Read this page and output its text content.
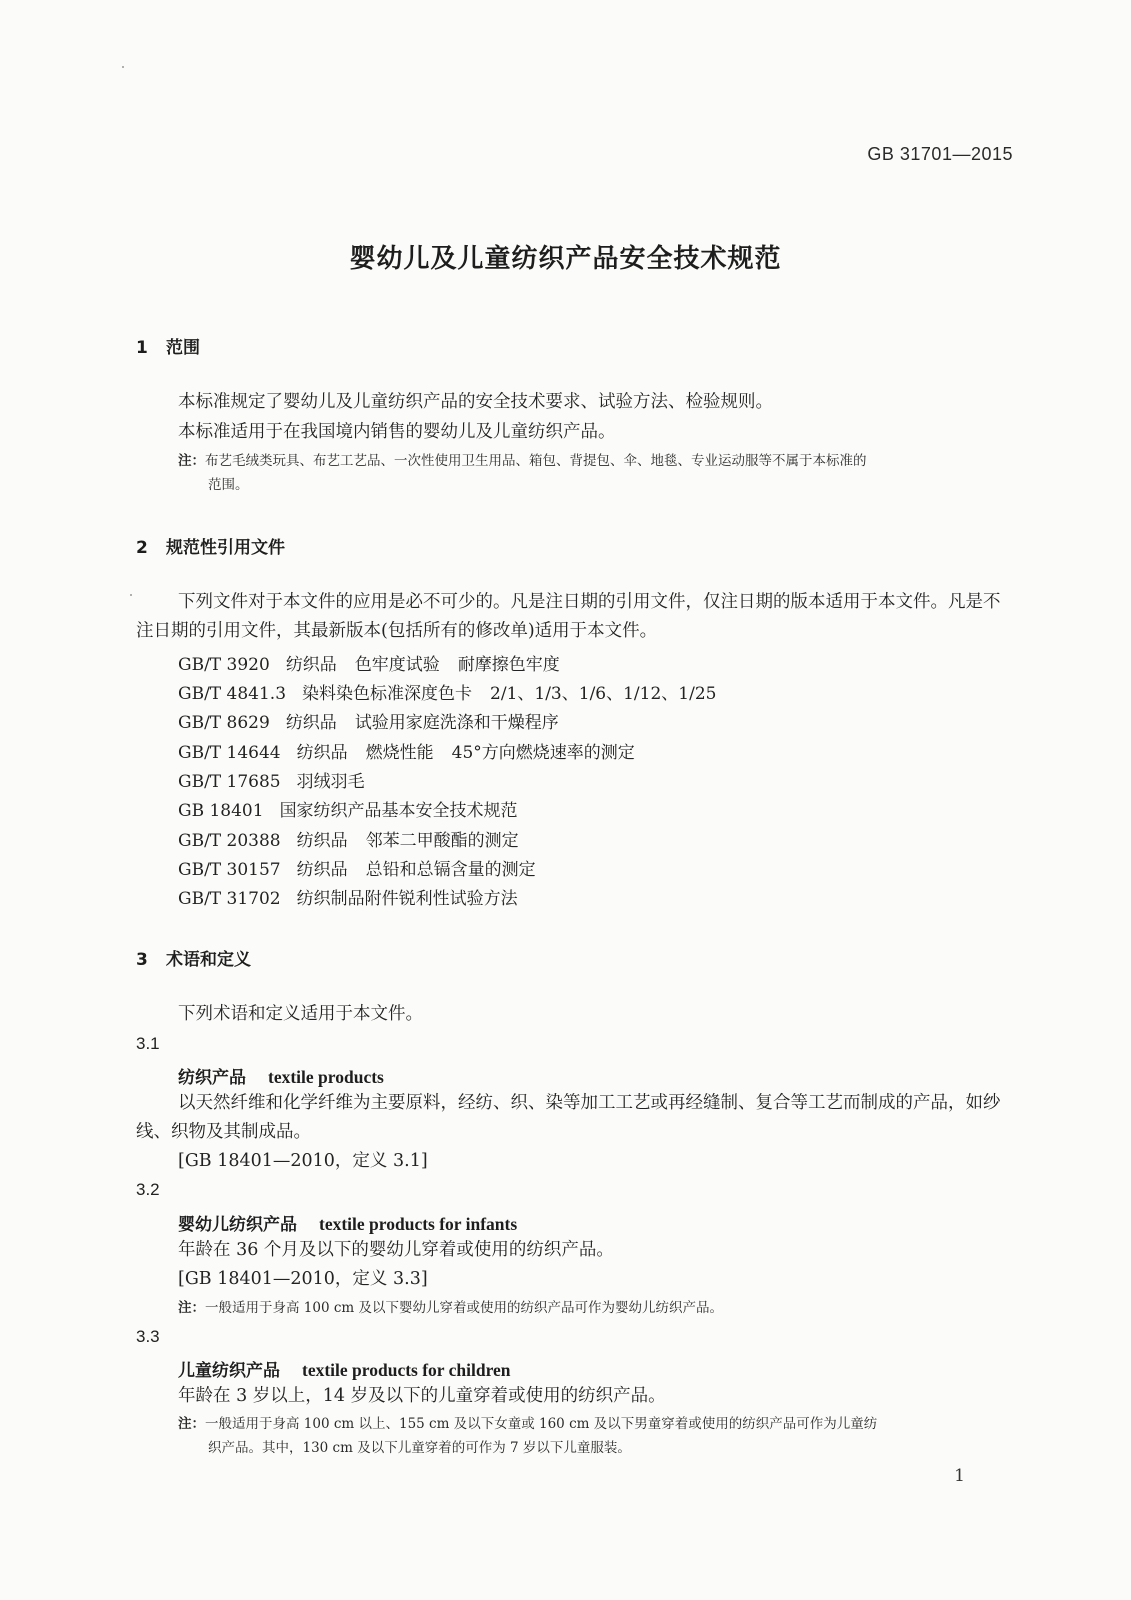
GB 31701—2015
婴幼儿及儿童纺织产品安全技术规范
1 范围
本标准规定了婴幼儿及儿童纺织产品的安全技术要求、试验方法、检验规则。
本标准适用于在我国境内销售的婴幼儿及儿童纺织产品。
注：布艺毛绒类玩具、布艺工艺品、一次性使用卫生用品、箱包、背提包、伞、地毯、专业运动服等不属于本标准的
范围。
2 规范性引用文件
下列文件对于本文件的应用是必不可少的。凡是注日期的引用文件，仅注日期的版本适用于本文件。凡是不注日期的引用文件，其最新版本(包括所有的修改单)适用于本文件。
GB/T 3920 纺织品 色牢度试验 耐摩擦色牢度
GB/T 4841.3 染料染色标准深度色卡 2/1、1/3、1/6、1/12、1/25
GB/T 8629 纺织品 试验用家庭洗涤和干燥程序
GB/T 14644 纺织品 燃烧性能 45°方向燃烧速率的测定
GB/T 17685 羽绒羽毛
GB 18401 国家纺织产品基本安全技术规范
GB/T 20388 纺织品 邻苯二甲酸酯的测定
GB/T 30157 纺织品 总铅和总镉含量的测定
GB/T 31702 纺织制品附件锐利性试验方法
3 术语和定义
下列术语和定义适用于本文件。
3.1
纺织产品 textile products
以天然纤维和化学纤维为主要原料，经纺、织、染等加工工艺或再经缝制、复合等工艺而制成的产品，如纱线、织物及其制成品。
[GB 18401—2010，定义 3.1]
3.2
婴幼儿纺织产品 textile products for infants
年龄在 36 个月及以下的婴幼儿穿着或使用的纺织产品。
[GB 18401—2010，定义 3.3]
注：一般适用于身高 100 cm 及以下婴幼儿穿着或使用的纺织产品可作为婴幼儿纺织产品。
3.3
儿童纺织产品 textile products for children
年龄在 3 岁以上，14 岁及以下的儿童穿着或使用的纺织产品。
注：一般适用于身高 100 cm 以上、155 cm 及以下女童或 160 cm 及以下男童穿着或使用的纺织产品可作为儿童纺
织产品。其中，130 cm 及以下儿童穿着的可作为 7 岁以下儿童服装。
1
